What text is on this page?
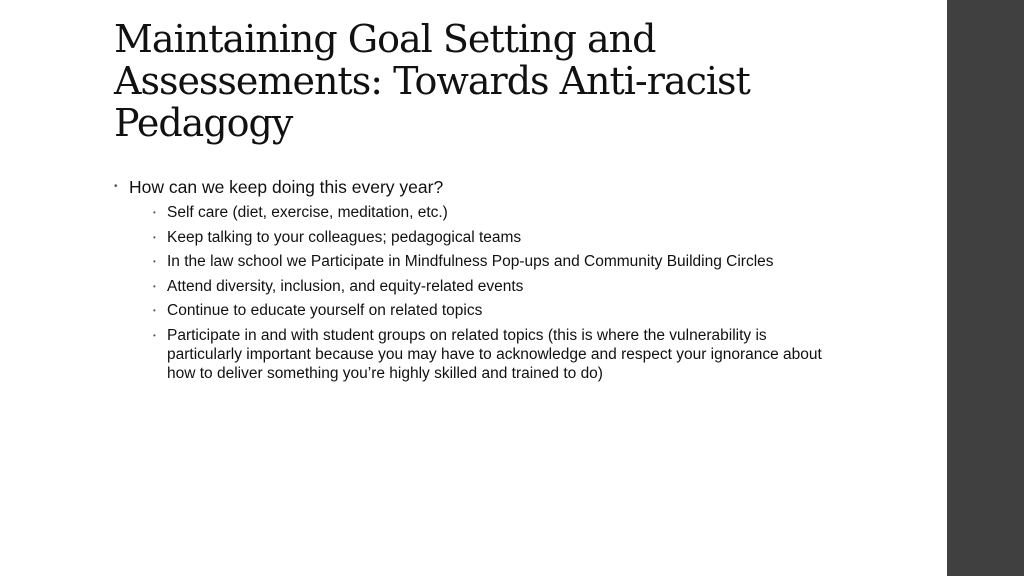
Maintaining Goal Setting and Assessements: Towards Anti-racist Pedagogy
• How can we keep doing this every year?
• Self care (diet, exercise, meditation, etc.)
• Keep talking to your colleagues; pedagogical teams
• In the law school we Participate in Mindfulness Pop-ups and Community Building Circles
• Attend diversity, inclusion, and equity-related events
• Continue to educate yourself on related topics
• Participate in and with student groups on related topics (this is where the vulnerability is particularly important because you may have to acknowledge and respect your ignorance about how to deliver something you’re highly skilled and trained to do)
